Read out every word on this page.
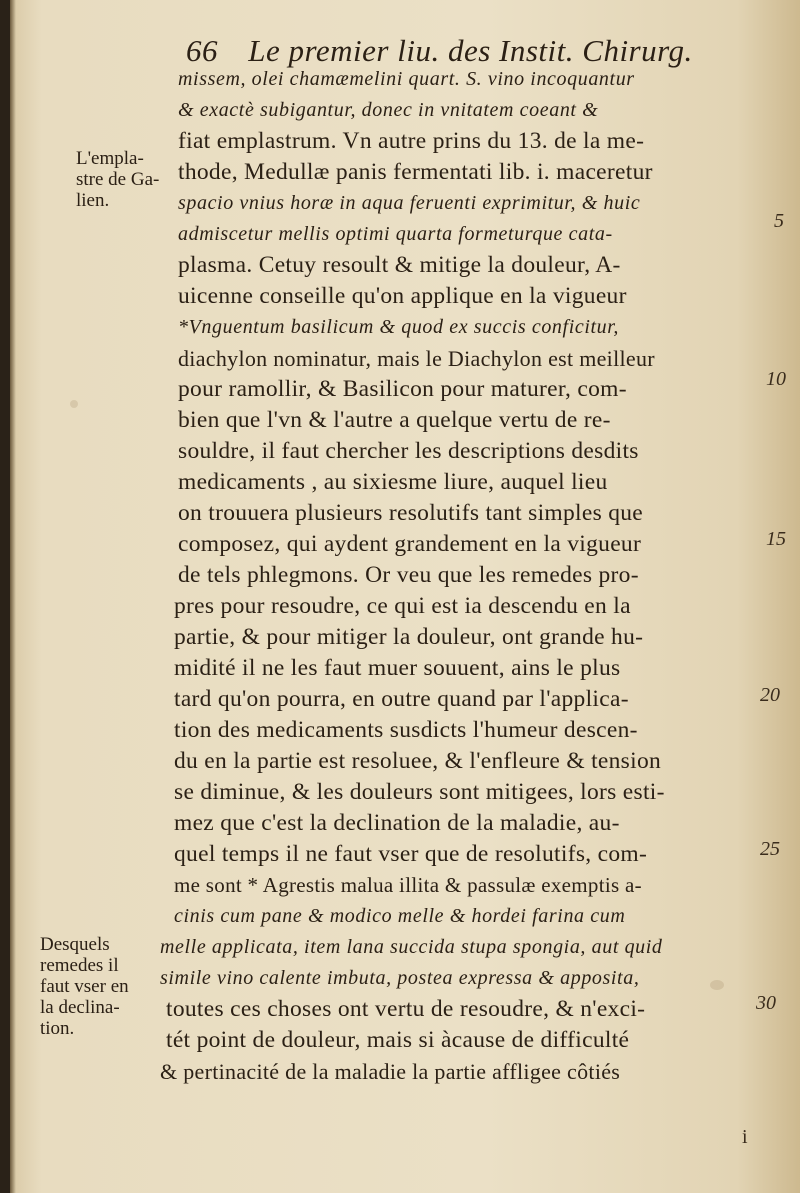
66 Le premier liu. des Instit. Chirurg.
missem, olei chamæmelini quart. S. vino incoquantur
& exactè subigantur, donec in vnitatem coeant &
fiat emplastrum. Vn autre prins du 13. de la me-
thode, Medullæ panis fermentati lib. i. maceretur
spacio vnius horæ in aqua feruenti exprimitur, & huic
admiscetur mellis optimi quarta formeturque cata-
plasma. Cetuy resoult & mitige la douleur, A-
uicenne conseille qu'on applique en la vigueur
*Vnguentum basilicum & quod ex succis conficitur,
diachylon nominatur, mais le Diachylon est meilleur
pour ramollir, & Basilicon pour maturer, com-
bien que l'vn & l'autre a quelque vertu de re-
souldre, il faut chercher les descriptions desdits
medicaments , au sixiesme liure, auquel lieu
on trouuera plusieurs resolutifs tant simples que
composez, qui aydent grandement en la vigueur
de tels phlegmons. Or veu que les remedes pro-
pres pour resoudre, ce qui est ia descendu en la
partie, & pour mitiger la douleur, ont grande hu-
midité il ne les faut muer souuent, ains le plus
tard qu'on pourra, en outre quand par l'applica-
tion des medicaments susdicts l'humeur descen-
du en la partie est resoluee, & l'enfleure & tension
se diminue, & les douleurs sont mitigees, lors esti-
mez que c'est la declination de la maladie, au-
quel temps il ne faut vser que de resolutifs, com-
me sont * Agrestis malua illita & passulæ exemptis a-
cinis cum pane & modico melle & hordei farina cum
melle applicata, item lana succida stupa spongia, aut quid
simile vino calente imbuta, postea expressa & apposita,
toutes ces choses ont vertu de resoudre, & n'exci-
tét point de douleur, mais si àcause de difficulté
& pertinacité de la maladie la partie affligee côtiés
L'empla-
stre de Ga-
lien.
Desquels
remedes il
faut vser en
la declina-
tion.
5
10
15
20
25
30
i
